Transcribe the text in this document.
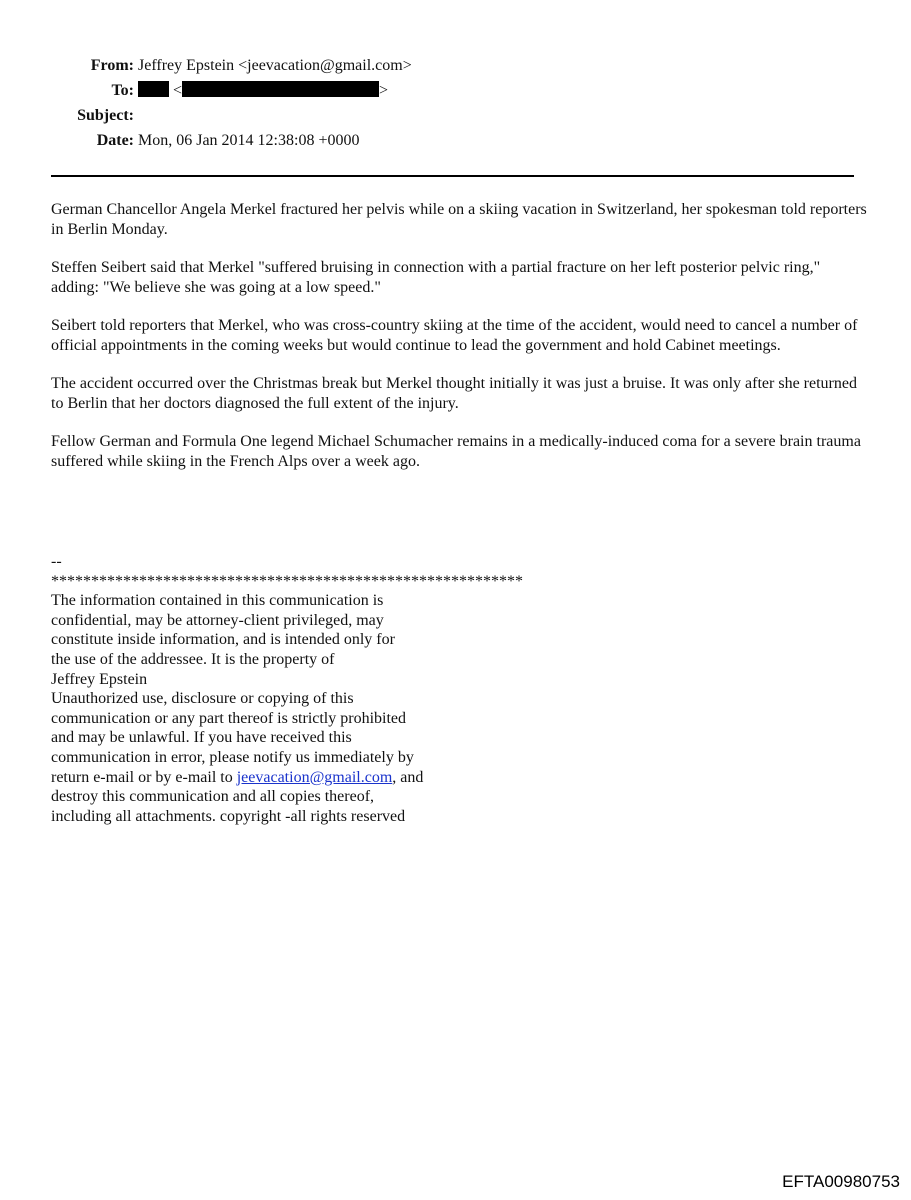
From: Jeffrey Epstein <jeevacation@gmail.com>
To:	<	>
Subject:
Date: Mon, 06 Jan 2014 12:38:08 +0000

German Chancellor Angela Merkel fractured her pelvis while on a skiing vacation in Switzerland, her spokesman told reporters in Berlin Monday.

Steffen Seibert said that Merkel "suffered bruising in connection with a partial fracture on her left posterior pelvic ring," adding: "We believe she was going at a low speed."

Seibert told reporters that Merkel, who was cross-country skiing at the time of the accident, would need to cancel a number of official appointments in the coming weeks but would continue to lead the government and hold Cabinet meetings.

The accident occurred over the Christmas break but Merkel thought initially it was just a bruise. It was only after she returned to Berlin that her doctors diagnosed the full extent of the injury.

Fellow German and Formula One legend Michael Schumacher remains in a medically-induced coma for a severe brain trauma suffered while skiing in the French Alps over a week ago.

--
***********************************************************
The information contained in this communication is
confidential, may be attorney-client privileged, may
constitute inside information, and is intended only for
the use of the addressee. It is the property of
Jeffrey Epstein
Unauthorized use, disclosure or copying of this
communication or any part thereof is strictly prohibited
and may be unlawful. If you have received this
communication in error, please notify us immediately by
return e-mail or by e-mail to jeevacation@gmail.com, and
destroy this communication and all copies thereof,
including all attachments. copyright -all rights reserved
EFTA00980753
